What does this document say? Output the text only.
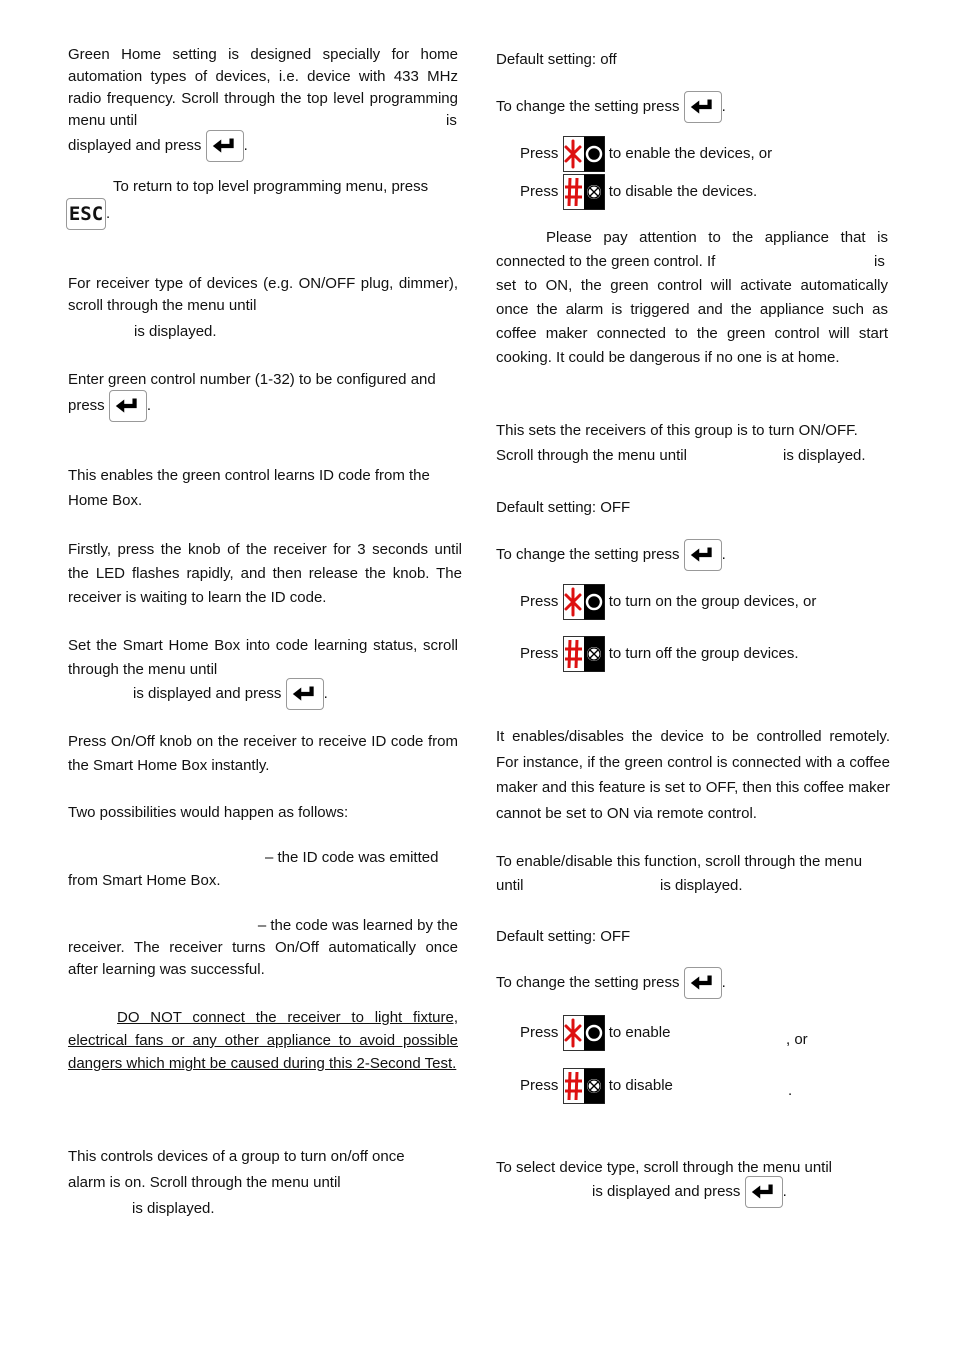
Green Home setting is designed specially for home automation types of devices, i.e. device with 433 MHz radio frequency. Scroll through the top level programming menu until	is

displayed and press	.

To return to top level programming menu, press

ESC .

For receiver type of devices (e.g. ON/OFF plug, dimmer), scroll through the menu until

is displayed.

Enter green control number (1-32) to be configured and

press	.

This enables the green control learns ID code from the

Home Box.

Firstly, press the knob of the receiver for 3 seconds until the LED flashes rapidly, and then release the knob. The receiver is waiting to learn the ID code.

Set the Smart Home Box into code learning status, scroll through the menu until

is displayed and press	.

Press On/Off knob on the receiver to receive ID code from the Smart Home Box instantly.

Two possibilities would happen as follows:

– the ID code was emitted

from Smart Home Box.

– the code was learned by the

receiver. The receiver turns On/Off automatically once after learning was successful.

DO NOT connect the receiver to light fixture, electrical fans or any other appliance to avoid possible dangers which might be caused during this 2-Second Test.

This controls devices of a group to turn on/off once

alarm is on. Scroll through the menu until

is displayed.

Default setting: off

To change the setting press	.
Press	to enable the devices, or
Press	to disable the devices.

Please pay attention to the appliance that is connected to the green control. If	is

set to ON, the green control will activate automatically once the alarm is triggered and the appliance such as coffee maker connected to the green control will start cooking. It could be dangerous if no one is at home.

This sets the receivers of this group is to turn ON/OFF.

Scroll through the menu until	is displayed.

Default setting: OFF

To change the setting press	.
Press	to turn on the group devices, or
Press	to turn off the group devices.

It enables/disables the device to be controlled remotely. For instance, if the green control is connected with a coffee maker and this feature is set to OFF, then this coffee maker cannot be set to ON via remote control.

To enable/disable this function, scroll through the menu

until	is displayed.

Default setting: OFF

To change the setting press	.
Press	to enable	, or
Press	to disable	.

To select device type, scroll through the menu until

is displayed and press	.
